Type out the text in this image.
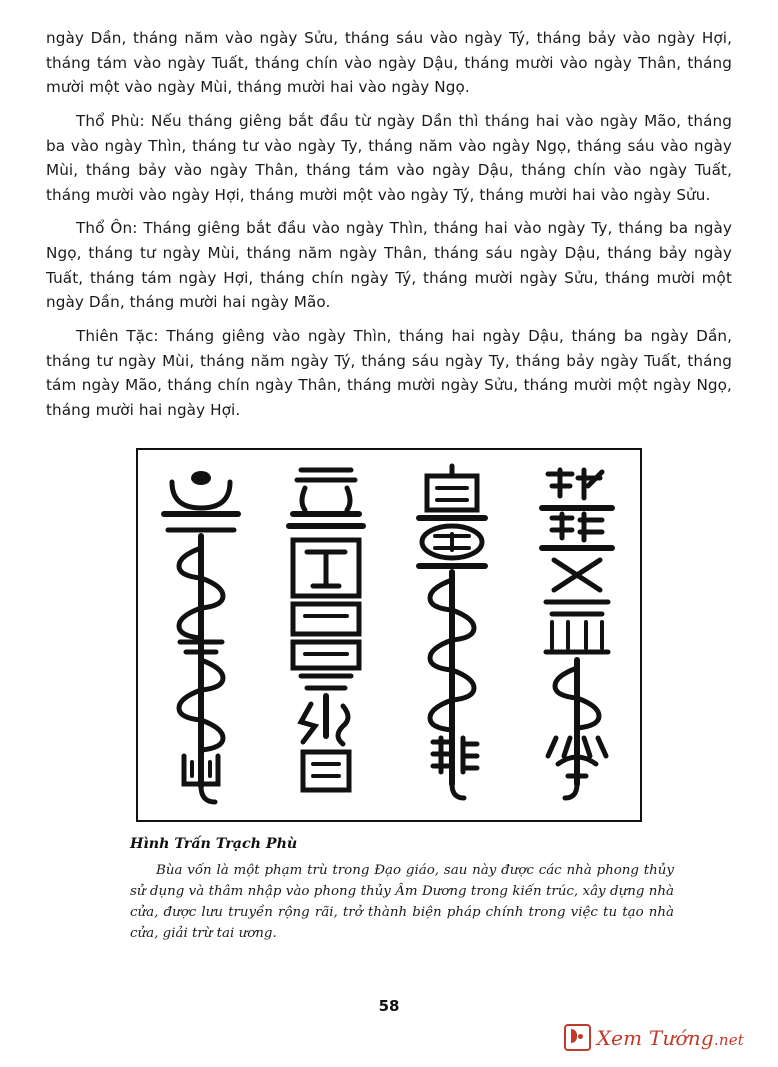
ngày Dần, tháng năm vào ngày Sửu, tháng sáu vào ngày Tý, tháng bảy vào ngày Hợi, tháng tám vào ngày Tuất, tháng chín vào ngày Dậu, tháng mười vào ngày Thân, tháng mười một vào ngày Mùi, tháng mười hai vào ngày Ngọ.

Thổ Phù: Nếu tháng giêng bắt đầu từ ngày Dần thì tháng hai vào ngày Mão, tháng ba vào ngày Thìn, tháng tư vào ngày Ty, tháng năm vào ngày Ngọ, tháng sáu vào ngày Mùi, tháng bảy vào ngày Thân, tháng tám vào ngày Dậu, tháng chín vào ngày Tuất, tháng mười vào ngày Hợi, tháng mười một vào ngày Tý, tháng mười hai vào ngày Sửu.

Thổ Ôn: Tháng giêng bắt đầu vào ngày Thìn, tháng hai vào ngày Ty, tháng ba ngày Ngọ, tháng tư ngày Mùi, tháng năm ngày Thân, tháng sáu ngày Dậu, tháng bảy ngày Tuất, tháng tám ngày Hợi, tháng chín ngày Tý, tháng mười ngày Sửu, tháng mười một ngày Dần, tháng mười hai ngày Mão.

Thiên Tặc: Tháng giêng vào ngày Thìn, tháng hai ngày Dậu, tháng ba ngày Dần, tháng tư ngày Mùi, tháng năm ngày Tý, tháng sáu ngày Ty, tháng bảy ngày Tuất, tháng tám ngày Mão, tháng chín ngày Thân, tháng mười ngày Sửu, tháng mười một ngày Ngọ, tháng mười hai ngày Hợi.

Hình Trấn Trạch Phù
Bùa vốn là một phạm trù trong Đạo giáo, sau này được các nhà phong thủy sử dụng và thâm nhập vào phong thủy Âm Dương trong kiến trúc, xây dựng nhà cửa, được lưu truyền rộng rãi, trở thành biện pháp chính trong việc tu tạo nhà cửa, giải trừ tai ương.
58
Xem Tướng.net
